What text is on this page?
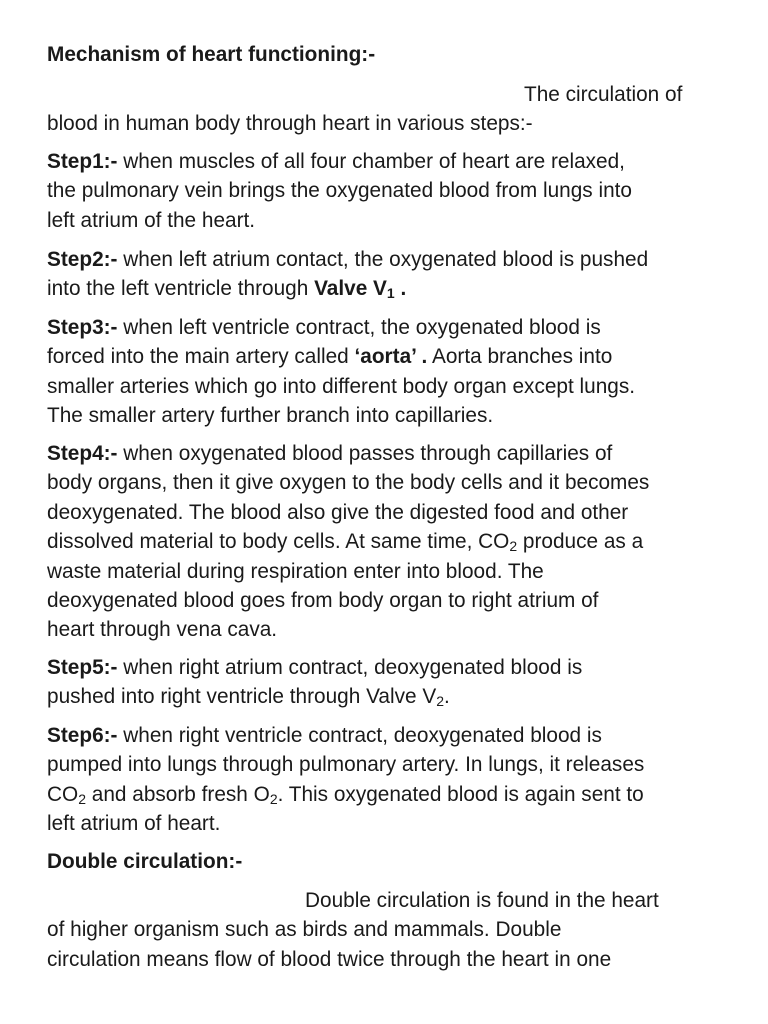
Mechanism of heart functioning:-
The circulation of
blood in human body through heart in various steps:-
Step1:- when muscles of all four chamber of heart are relaxed,
the pulmonary vein brings the oxygenated blood from lungs into
left atrium of the heart.
Step2:- when left atrium contact, the oxygenated blood is pushed
into the left ventricle through Valve $V_1$ .
Step3:- when left ventricle contract, the oxygenated blood is
forced into the main artery called ‘aorta’ . Aorta branches into
smaller arteries which go into different body organ except lungs.
The smaller artery further branch into capillaries.
Step4:- when oxygenated blood passes through capillaries of
body organs, then it give oxygen to the body cells and it becomes
deoxygenated. The blood also give the digested food and other
dissolved material to body cells. At same time, $CO_2$ produce as a
waste material during respiration enter into blood. The
deoxygenated blood goes from body organ to right atrium of
heart through vena cava.
Step5:- when right atrium contract, deoxygenated blood is
pushed into right ventricle through Valve $V_2$.
Step6:- when right ventricle contract, deoxygenated blood is
pumped into lungs through pulmonary artery. In lungs, it releases
$CO_2$ and absorb fresh $O_2$. This oxygenated blood is again sent to
left atrium of heart.
Double circulation:-
Double circulation is found in the heart
of higher organism such as birds and mammals. Double
circulation means flow of blood twice through the heart in one
